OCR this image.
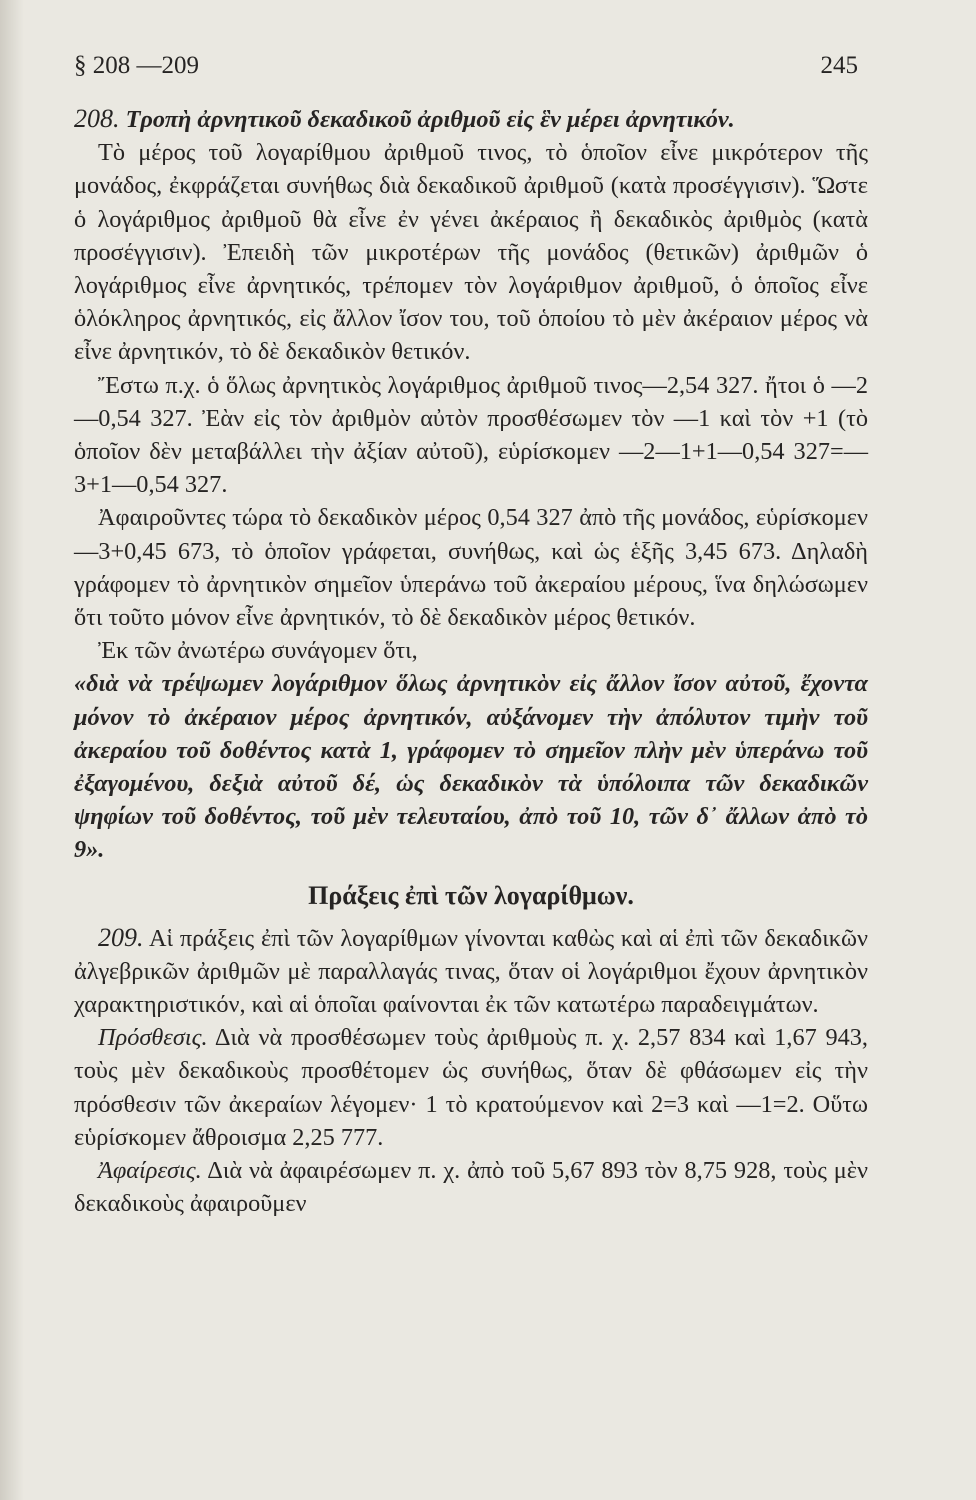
§ 208 —209	245

208. Τροπὴ ἀρνητικοῦ δεκαδικοῦ ἀριθμοῦ εἰς ἓν μέρει ἀρνητικόν.

Τὸ μέρος τοῦ λογαρίθμου ἀριθμοῦ τινος, τὸ ὁποῖον εἶνε μικρότερον τῆς μονάδος, ἐκφράζεται συνήθως διὰ δεκαδικοῦ ἀριθμοῦ (κατὰ προσέγγισιν). Ὥστε ὁ λογάριθμος ἀριθμοῦ θὰ εἶνε ἐν γένει ἀκέραιος ἢ δεκαδικὸς ἀριθμὸς (κατὰ προσέγγισιν). Ἐπειδὴ τῶν μικροτέρων τῆς μονάδος (θετικῶν) ἀριθμῶν ὁ λογάριθμος εἶνε ἀρνητικός, τρέπομεν τὸν λογάριθμον ἀριθμοῦ, ὁ ὁποῖος εἶνε ὁλόκληρος ἀρνητικός, εἰς ἄλλον ἴσον του, τοῦ ὁποίου τὸ μὲν ἀκέραιον μέρος νὰ εἶνε ἀρνητικόν, τὸ δὲ δεκαδικὸν θετικόν.

Ἔστω π.χ. ὁ ὅλως ἀρνητικὸς λογάριθμος ἀριθμοῦ τινος—2,54 327. ἤτοι ὁ —2—0,54 327. Ἐὰν εἰς τὸν ἀριθμὸν αὐτὸν προσθέσωμεν τὸν —1 καὶ τὸν +1 (τὸ ὁποῖον δὲν μεταβάλλει τὴν ἀξίαν αὐτοῦ), εὑρίσκομεν —2—1+1—0,54 327=—3+1—0,54 327.

Ἀφαιροῦντες τώρα τὸ δεκαδικὸν μέρος 0,54 327 ἀπὸ τῆς μονάδος, εὑρίσκομεν —3+0,45 673, τὸ ὁποῖον γράφεται, συνήθως, καὶ ὡς ἑξῆς 3,45 673. Δηλαδὴ γράφομεν τὸ ἀρνητικὸν σημεῖον ὑπεράνω τοῦ ἀκεραίου μέρους, ἵνα δηλώσωμεν ὅτι τοῦτο μόνον εἶνε ἀρνητικόν, τὸ δὲ δεκαδικὸν μέρος θετικόν.

Ἐκ τῶν ἀνωτέρω συνάγομεν ὅτι,

«διὰ νὰ τρέψωμεν λογάριθμον ὅλως ἀρνητικὸν εἰς ἄλλον ἴσον αὐτοῦ, ἔχοντα μόνον τὸ ἀκέραιον μέρος ἀρνητικόν, αὐξάνομεν τὴν ἀπόλυτον τιμὴν τοῦ ἀκεραίου τοῦ δοθέντος κατὰ 1, γράφομεν τὸ σημεῖον πλὴν μὲν ὑπεράνω τοῦ ἐξαγομένου, δεξιὰ αὐτοῦ δέ, ὡς δεκαδικὸν τὰ ὑπόλοιπα τῶν δεκαδικῶν ψηφίων τοῦ δοθέντος, τοῦ μὲν τελευταίου, ἀπὸ τοῦ 10, τῶν δ᾽ ἄλλων ἀπὸ τὸ 9».

Πράξεις ἐπὶ τῶν λογαρίθμων.

209. Αἱ πράξεις ἐπὶ τῶν λογαρίθμων γίνονται καθὼς καὶ αἱ ἐπὶ τῶν δεκαδικῶν ἀλγεβρικῶν ἀριθμῶν μὲ παραλλαγάς τινας, ὅταν οἱ λογάριθμοι ἔχουν ἀρνητικὸν χαρακτηριστικόν, καὶ αἱ ὁποῖαι φαίνονται ἐκ τῶν κατωτέρω παραδειγμάτων.

Πρόσθεσις. Διὰ νὰ προσθέσωμεν τοὺς ἀριθμοὺς π. χ. 2,57 834 καὶ 1,67 943, τοὺς μὲν δεκαδικοὺς προσθέτομεν ὡς συνήθως, ὅταν δὲ φθάσωμεν εἰς τὴν πρόσθεσιν τῶν ἀκεραίων λέγομεν· 1 τὸ κρατούμενον καὶ 2=3 καὶ —1=2. Οὕτω εὑρίσκομεν ἄθροισμα 2,25 777.

Ἀφαίρεσις. Διὰ νὰ ἀφαιρέσωμεν π. χ. ἀπὸ τοῦ 5,67 893 τὸν 8,75 928, τοὺς μὲν δεκαδικοὺς ἀφαιροῦμεν
